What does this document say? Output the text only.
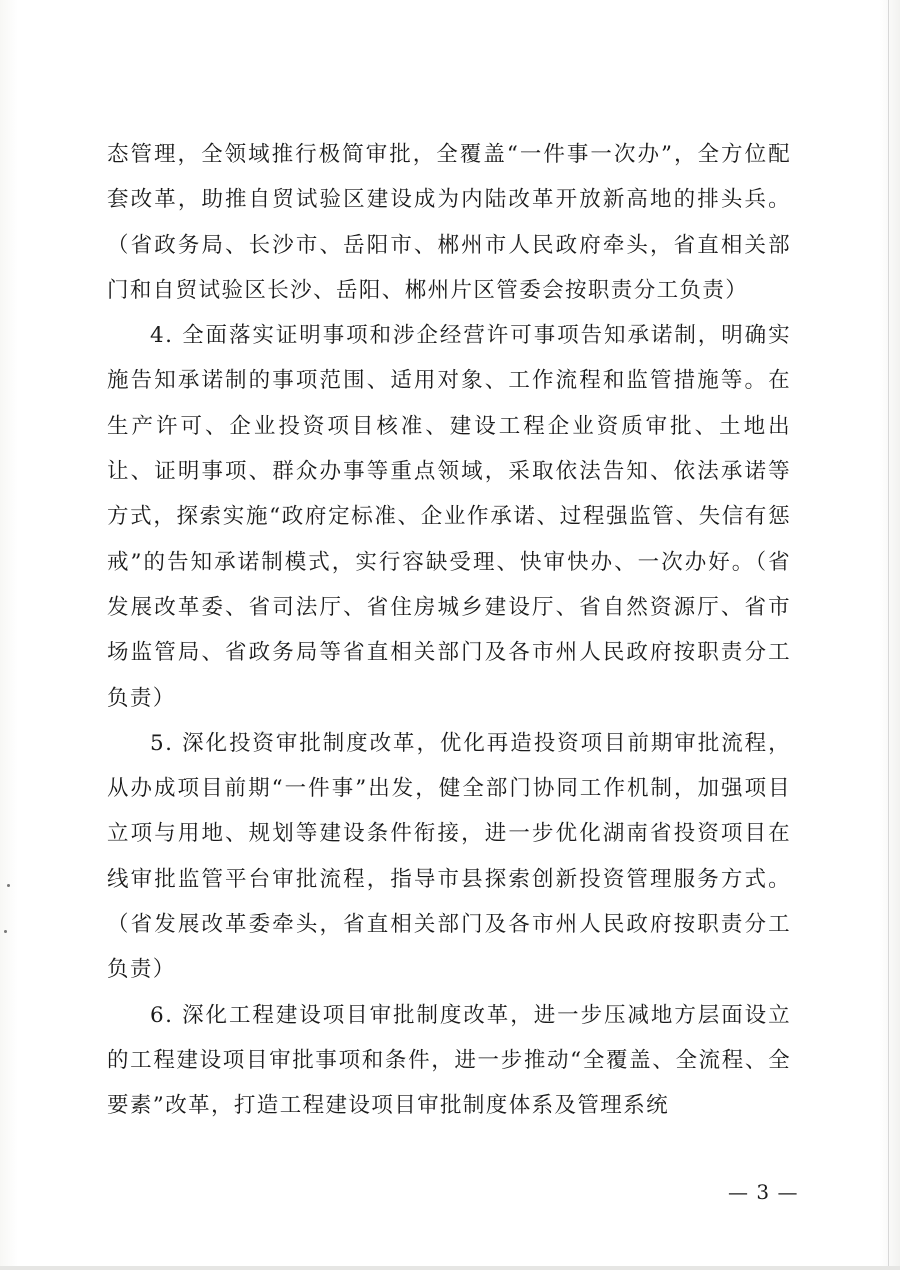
态管理，全领域推行极简审批，全覆盖“一件事一次办”，全方位配套改革，助推自贸试验区建设成为内陆改革开放新高地的排头兵。（省政务局、长沙市、岳阳市、郴州市人民政府牵头，省直相关部门和自贸试验区长沙、岳阳、郴州片区管委会按职责分工负责）

4. 全面落实证明事项和涉企经营许可事项告知承诺制，明确实施告知承诺制的事项范围、适用对象、工作流程和监管措施等。在生产许可、企业投资项目核准、建设工程企业资质审批、土地出让、证明事项、群众办事等重点领域，采取依法告知、依法承诺等方式，探索实施“政府定标准、企业作承诺、过程强监管、失信有惩戒”的告知承诺制模式，实行容缺受理、快审快办、一次办好。（省发展改革委、省司法厅、省住房城乡建设厅、省自然资源厅、省市场监管局、省政务局等省直相关部门及各市州人民政府按职责分工负责）

5. 深化投资审批制度改革，优化再造投资项目前期审批流程，从办成项目前期“一件事”出发，健全部门协同工作机制，加强项目立项与用地、规划等建设条件衔接，进一步优化湖南省投资项目在线审批监管平台审批流程，指导市县探索创新投资管理服务方式。（省发展改革委牵头，省直相关部门及各市州人民政府按职责分工负责）

6. 深化工程建设项目审批制度改革，进一步压减地方层面设立的工程建设项目审批事项和条件，进一步推动“全覆盖、全流程、全要素”改革，打造工程建设项目审批制度体系及管理系统

— 3 —
